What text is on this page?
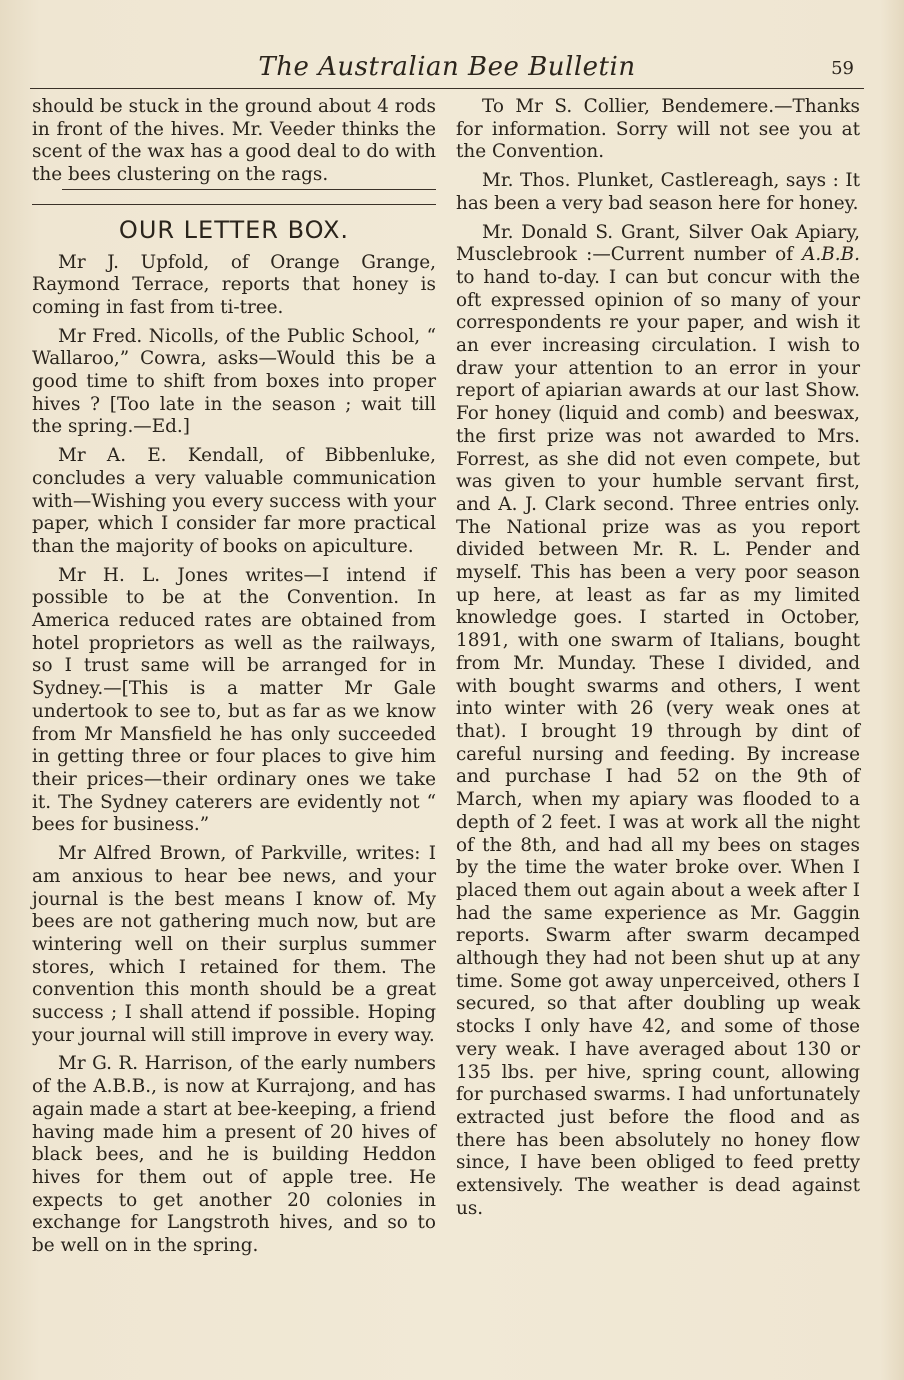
The Australian Bee Bulletin	59

should be stuck in the ground about 4 rods in front of the hives. Mr. Veeder thinks the scent of the wax has a good deal to do with the bees clustering on the rags.

OUR LETTER BOX.

Mr J. Upfold, of Orange Grange, Raymond Terrace, reports that honey is coming in fast from ti-tree.

Mr Fred. Nicolls, of the Public School, “ Wallaroo,” Cowra, asks—Would this be a good time to shift from boxes into proper hives ? [Too late in the season ; wait till the spring.—Ed.]

Mr A. E. Kendall, of Bibbenluke, concludes a very valuable communication with—Wishing you every success with your paper, which I consider far more practical than the majority of books on apiculture.

Mr H. L. Jones writes—I intend if possible to be at the Convention. In America reduced rates are obtained from hotel proprietors as well as the railways, so I trust same will be arranged for in Sydney.—[This is a matter Mr Gale undertook to see to, but as far as we know from Mr Mansfield he has only succeeded in getting three or four places to give him their prices—their ordinary ones we take it. The Sydney caterers are evidently not “ bees for business.”

Mr Alfred Brown, of Parkville, writes: I am anxious to hear bee news, and your journal is the best means I know of. My bees are not gathering much now, but are wintering well on their surplus summer stores, which I retained for them. The convention this month should be a great success ; I shall attend if possible. Hoping your journal will still improve in every way.

Mr G. R. Harrison, of the early numbers of the A.B.B., is now at Kurrajong, and has again made a start at bee-keeping, a friend having made him a present of 20 hives of black bees, and he is building Heddon hives for them out of apple tree. He expects to get another 20 colonies in exchange for Langstroth hives, and so to be well on in the spring.

To Mr S. Collier, Bendemere.—Thanks for information. Sorry will not see you at the Convention.

Mr. Thos. Plunket, Castlereagh, says : It has been a very bad season here for honey.

Mr. Donald S. Grant, Silver Oak Apiary, Musclebrook :—Current number of A.B.B. to hand to-day. I can but concur with the oft expressed opinion of so many of your correspondents re your paper, and wish it an ever increasing circulation. I wish to draw your attention to an error in your report of apiarian awards at our last Show. For honey (liquid and comb) and beeswax, the first prize was not awarded to Mrs. Forrest, as she did not even compete, but was given to your humble servant first, and A. J. Clark second. Three entries only. The National prize was as you report divided between Mr. R. L. Pender and myself. This has been a very poor season up here, at least as far as my limited knowledge goes. I started in October, 1891, with one swarm of Italians, bought from Mr. Munday. These I divided, and with bought swarms and others, I went into winter with 26 (very weak ones at that). I brought 19 through by dint of careful nursing and feeding. By increase and purchase I had 52 on the 9th of March, when my apiary was flooded to a depth of 2 feet. I was at work all the night of the 8th, and had all my bees on stages by the time the water broke over. When I placed them out again about a week after I had the same experience as Mr. Gaggin reports. Swarm after swarm decamped although they had not been shut up at any time. Some got away unperceived, others I secured, so that after doubling up weak stocks I only have 42, and some of those very weak. I have averaged about 130 or 135 lbs. per hive, spring count, allowing for purchased swarms. I had unfortunately extracted just before the flood and as there has been absolutely no honey flow since, I have been obliged to feed pretty extensively. The weather is dead against us.
